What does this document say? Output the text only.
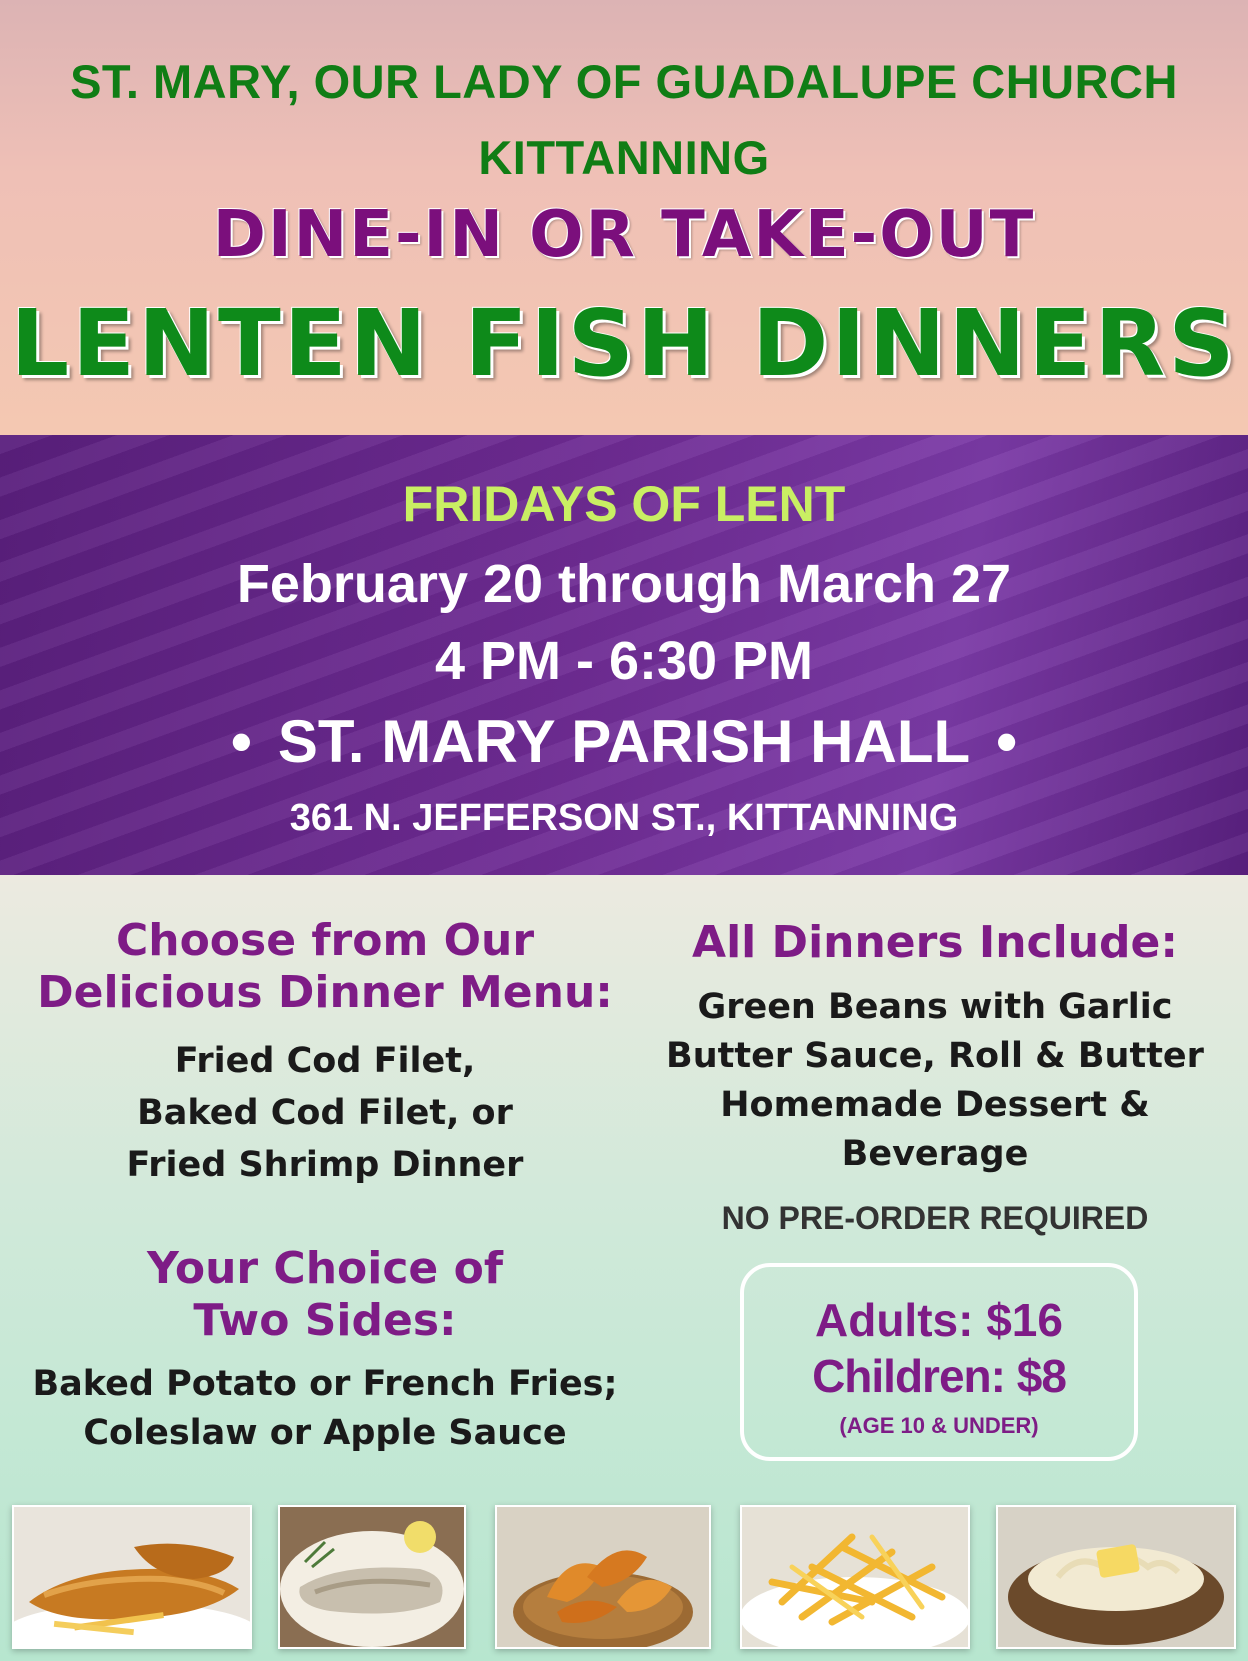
ST. MARY, OUR LADY OF GUADALUPE CHURCH

KITTANNING

DINE-IN OR TAKE-OUT

LENTEN FISH DINNERS

FRIDAYS OF LENT

February 20 through March 27

4 PM - 6:30 PM

• ST. MARY PARISH HALL •

361 N. JEFFERSON ST., KITTANNING

Choose from Our
Delicious Dinner Menu:
Fried Cod Filet,
Baked Cod Filet, or
Fried Shrimp Dinner
Your Choice of
Two Sides:
Baked Potato or French Fries;
Coleslaw or Apple Sauce
All Dinners Include:
Green Beans with Garlic
Butter Sauce, Roll & Butter
Homemade Dessert &
Beverage
NO PRE-ORDER REQUIRED

Adults: $16

Children: $8

(AGE 10 & UNDER)
